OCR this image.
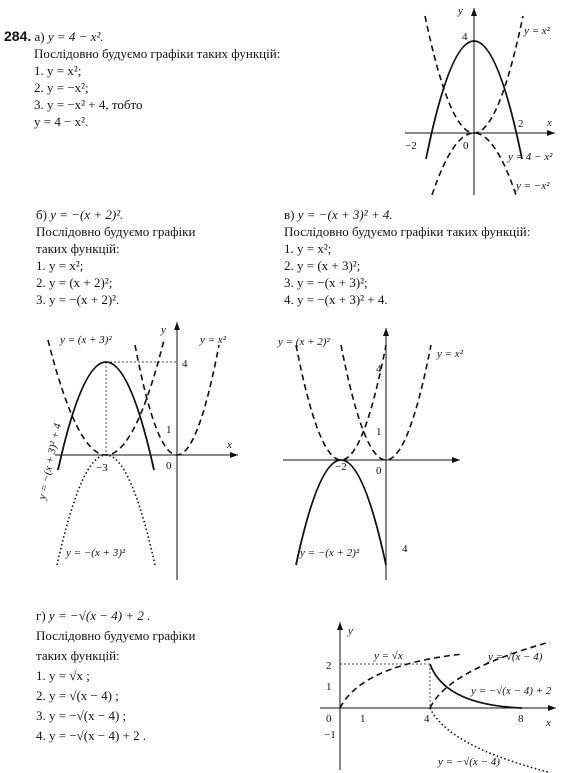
284. а) y = 4 − x².
Послідовно будуємо графіки таких функцій:
1. y = x²;
2. y = −x²;
3. y = −x² + 4, тобто
y = 4 − x².
б) y = −(x + 2)².
Послідовно будуємо графіки
таких функцій:
1. y = x²;
2. y = (x + 2)²;
3. y = −(x + 2)².
в) y = −(x + 3)² + 4.
Послідовно будуємо графіки таких функцій:
1. y = x²;
2. y = (x + 3)²;
3. y = −(x + 3)²;
4. y = −(x + 3)² + 4.
г) y = −√(x − 4) + 2 .
Послідовно будуємо графіки
таких функцій:
1. y = √x ;
2. y = √(x − 4) ;
3. y = −√(x − 4) ;
4. y = −√(x − 4) + 2 .
y
x
4
2
−2	0
y = x²
y = 4 − x²
y = −x²
y
x
4
1
−3	0
y = (x + 3)²	y = x²
y = −(x + 3)² + 4
y = −(x + 3)²
4
1
−2	0
4
y = (x + 2)²
y = x²
y = −(x + 2)²
y
x
2
1
0	1	4	8
−1
y = √x	y = √(x − 4)
y = −√(x − 4) + 2
y = −√(x − 4)
